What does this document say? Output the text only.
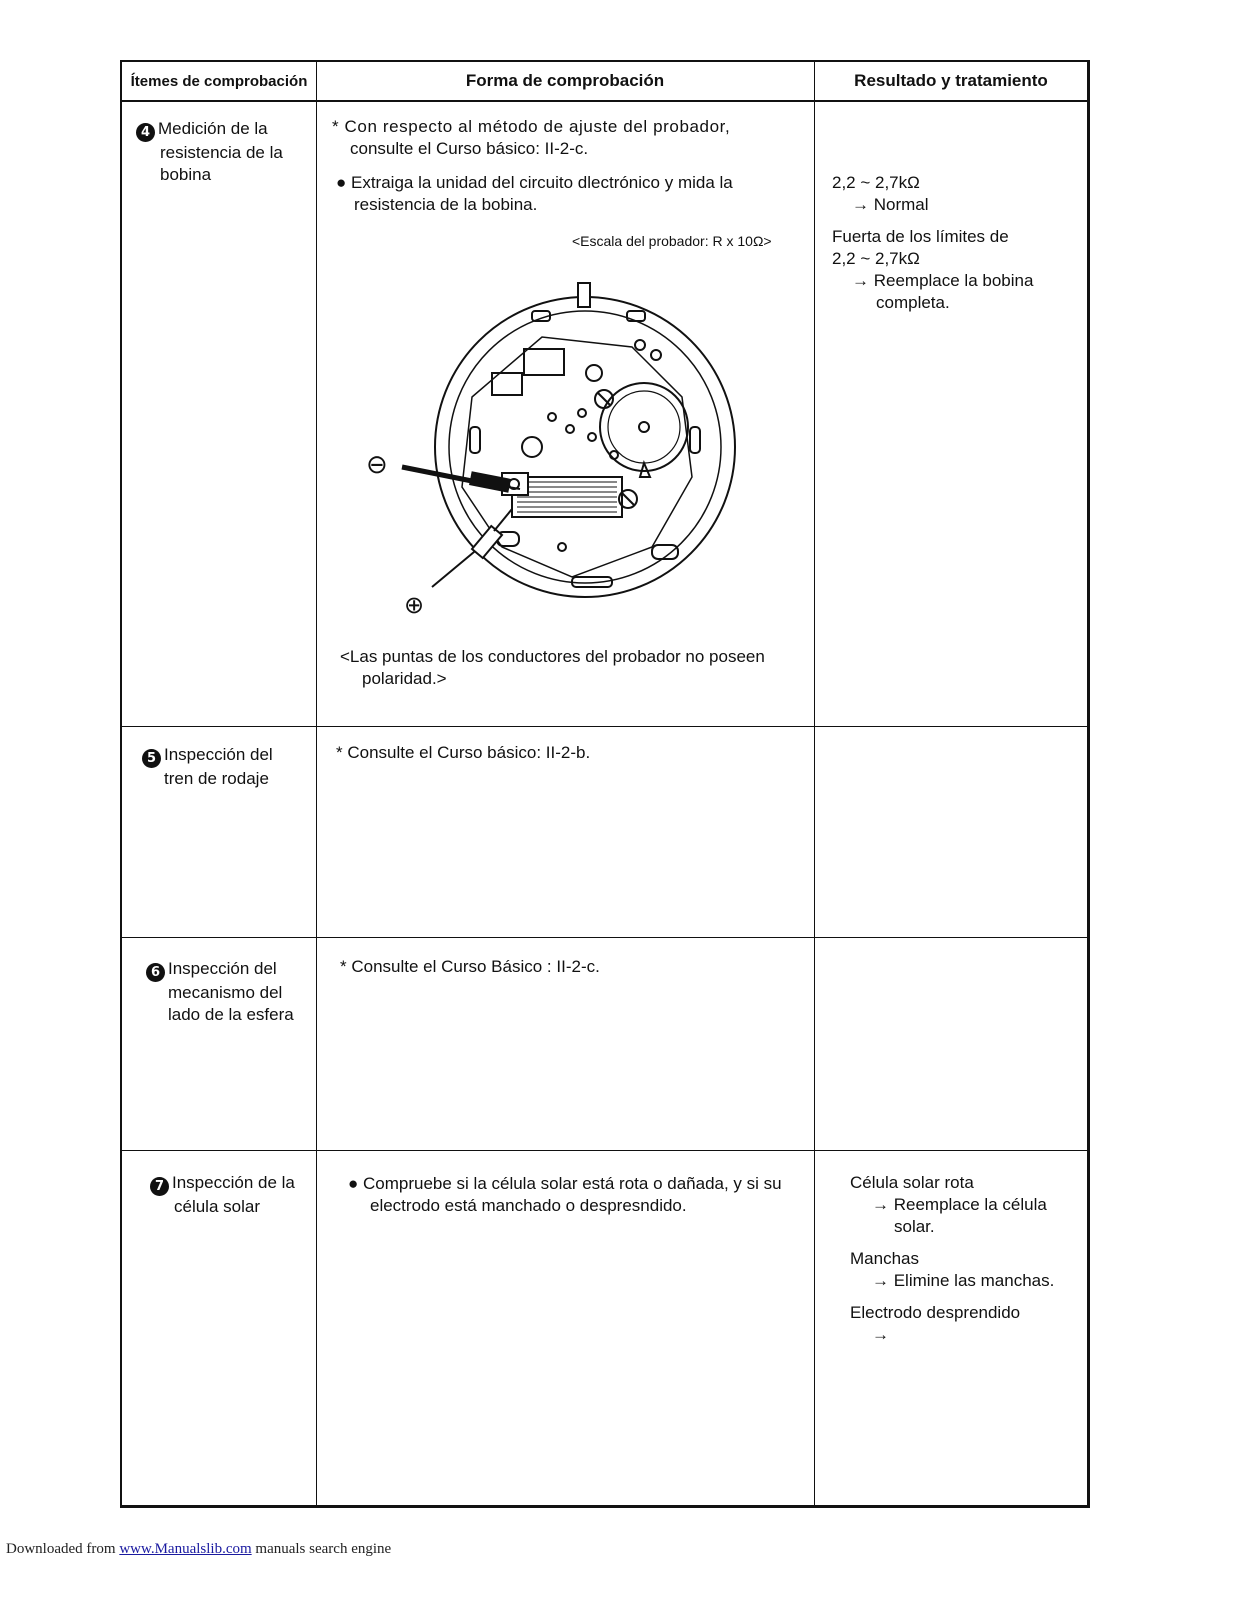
Ítemes de comprobación	Forma de comprobación	Resultado y tratamiento
4 Medición de la
resistencia de la
bobina
* Con respecto al método de ajuste del probador,
consulte el Curso básico: II-2-c.
● Extraiga la unidad del circuito dlectrónico y mida la
resistencia de la bobina.
<Escala del probador: R x 10Ω>
⊖
⊕
<Las puntas de los conductores del probador no poseen
polaridad.>
2,2 ~ 2,7kΩ
→ Normal
Fuerta de los límites de
2,2 ~ 2,7kΩ
→ Reemplace la bobina
completa.
5 Inspección del
tren de rodaje
* Consulte el Curso básico: II-2-b.
6 Inspección del
mecanismo del
lado de la esfera
* Consulte el Curso Básico : II-2-c.
7 Inspección de la
célula solar
● Compruebe si la célula solar está rota o dañada, y si su
electrodo está manchado o despresndido.
Célula solar rota
→ Reemplace la célula
solar.
Manchas
→ Elimine las manchas.
Electrodo desprendido
→
Downloaded from www.Manualslib.com manuals search engine
